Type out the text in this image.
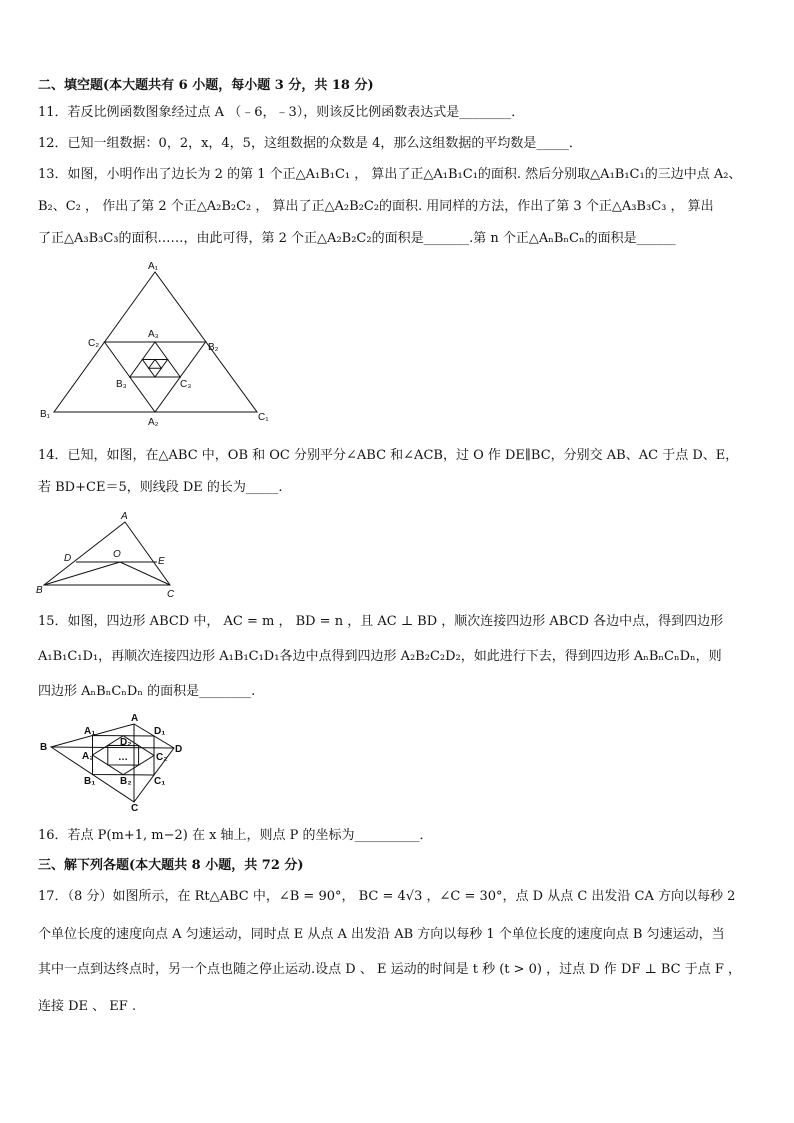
二、填空题(本大题共有 6 小题，每小题 3 分，共 18 分)
11．若反比例函数图象经过点 A （﹣6，﹣3），则该反比例函数表达式是________．
12．已知一组数据：0，2，x，4，5，这组数据的众数是 4，那么这组数据的平均数是_____．
13．如图，小明作出了边长为 2 的第 1 个正△A₁B₁C₁ ， 算出了正△A₁B₁C₁的面积. 然后分别取△A₁B₁C₁的三边中点 A₂、
B₂、C₂ ， 作出了第 2 个正△A₂B₂C₂ ， 算出了正△A₂B₂C₂的面积. 用同样的方法，作出了第 3 个正△A₃B₃C₃ ， 算出
了正△A₃B₃C₃的面积……，由此可得，第 2 个正△A₂B₂C₂的面积是_______.第 n 个正△AₙBₙCₙ的面积是______
A₁
C₂	B₂
A₃
B₃	C₃
B₁
A₂	C₁
14．已知，如图，在△ABC 中，OB 和 OC 分别平分∠ABC 和∠ACB，过 O 作 DE∥BC，分别交 AB、AC 于点 D、E，
若 BD+CE＝5，则线段 DE 的长为_____.
A
D	O
E
B	C
15．如图，四边形 ABCD 中， AC = m ， BD = n ，且 AC ⊥ BD ，顺次连接四边形 ABCD 各边中点，得到四边形
A₁B₁C₁D₁，再顺次连接四边形 A₁B₁C₁D₁各边中点得到四边形 A₂B₂C₂D₂，如此进行下去，得到四边形 AₙBₙCₙDₙ，则
四边形 AₙBₙCₙDₙ 的面积是________.
A
A₁	D₁
D₂
B	D
A₂ …	C₂
B₂
B₁	C₁
C
16．若点 P(m+1, m−2) 在 x 轴上，则点 P 的坐标为__________．
三、解下列各题(本大题共 8 小题，共 72 分)
17．（8 分）如图所示，在 Rt△ABC 中，∠B = 90°， BC = 4√3 ，∠C = 30°，点 D 从点 C 出发沿 CA 方向以每秒 2
个单位长度的速度向点 A 匀速运动，同时点 E 从点 A 出发沿 AB 方向以每秒 1 个单位长度的速度向点 B 匀速运动，当
其中一点到达终点时，另一个点也随之停止运动.设点 D 、 E 运动的时间是 t 秒 (t > 0) ，过点 D 作 DF ⊥ BC 于点 F ，
连接 DE 、 EF .
